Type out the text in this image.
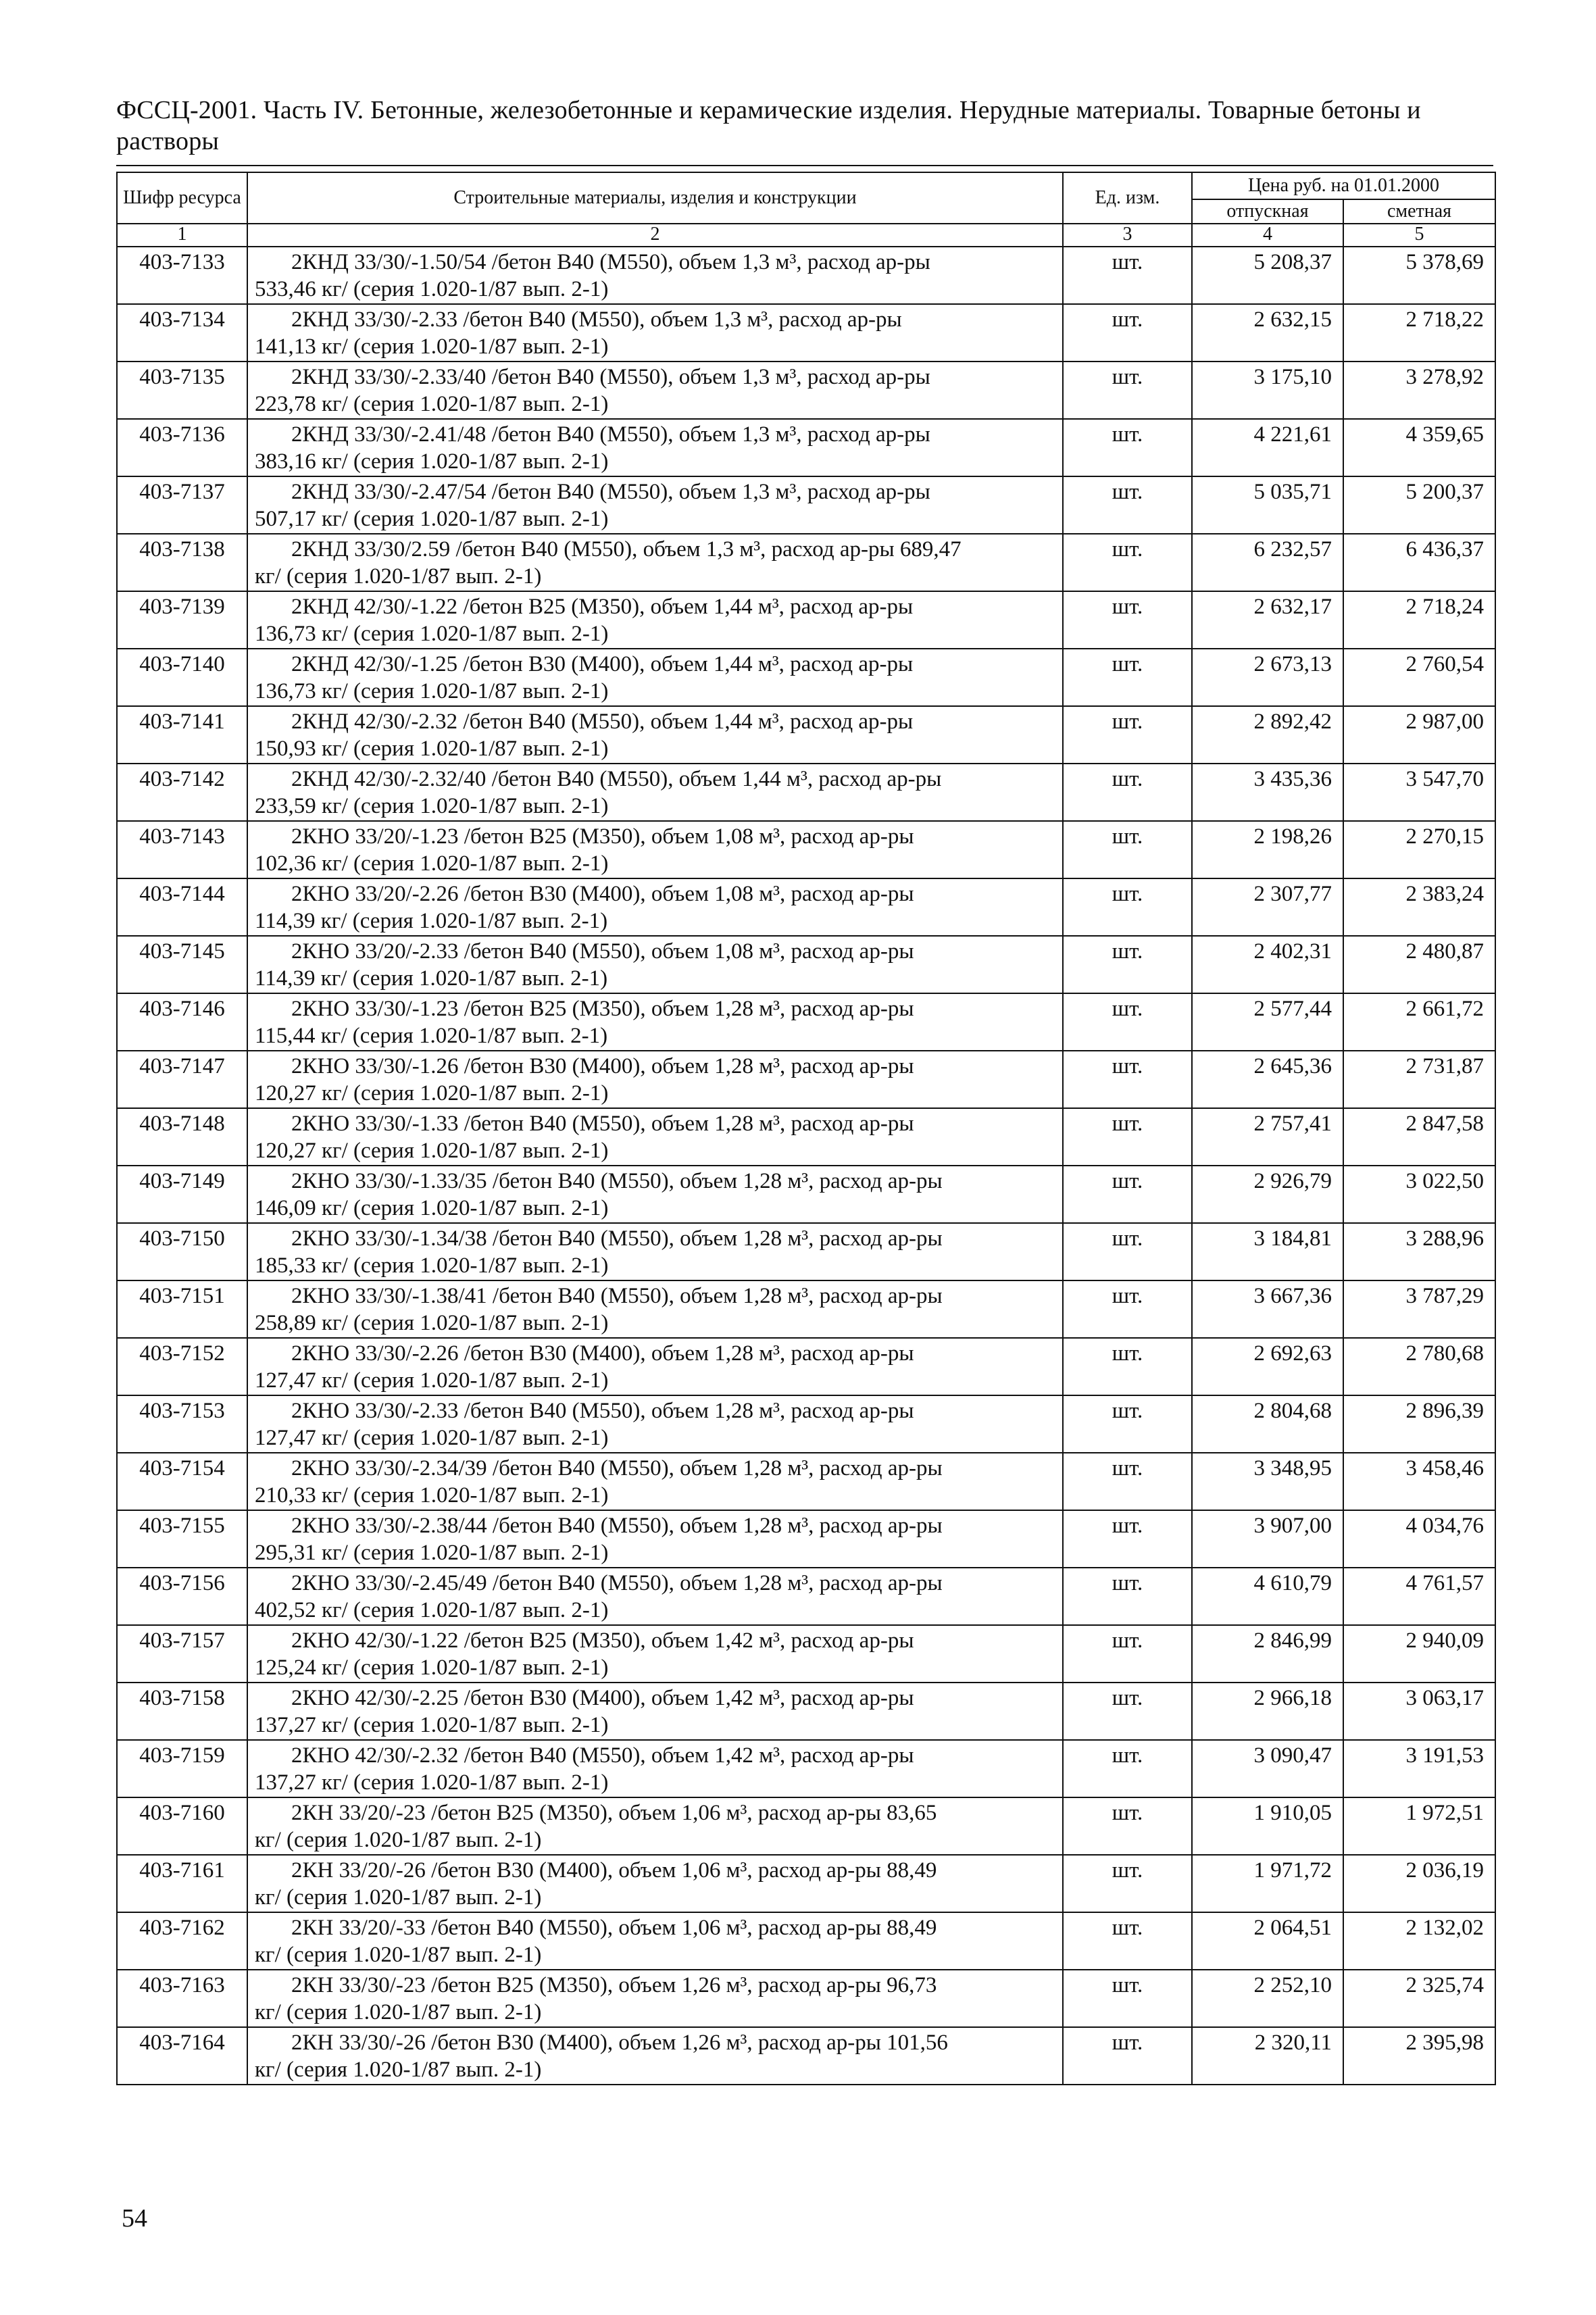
ФССЦ-2001. Часть IV. Бетонные, железобетонные и керамические изделия. Нерудные материалы. Товарные бетоны и растворы
Шифр ресурса	Строительные материалы, изделия и конструкции	Ед. изм.	Цена руб. на 01.01.2000	
			отпускная	сметная
1	2	3	4	5
403-7133	2КНД 33/30/-1.50/54 /бетон В40 (М550), объем 1,3 м³, расход ар-ры
533,46 кг/ (серия 1.020-1/87 вып. 2-1)	шт.	5 208,37	5 378,69
403-7134	2КНД 33/30/-2.33 /бетон В40 (М550), объем 1,3 м³, расход ар-ры
141,13 кг/ (серия 1.020-1/87 вып. 2-1)	шт.	2 632,15	2 718,22
403-7135	2КНД 33/30/-2.33/40 /бетон В40 (М550), объем 1,3 м³, расход ар-ры
223,78 кг/ (серия 1.020-1/87 вып. 2-1)	шт.	3 175,10	3 278,92
403-7136	2КНД 33/30/-2.41/48 /бетон В40 (М550), объем 1,3 м³, расход ар-ры
383,16 кг/ (серия 1.020-1/87 вып. 2-1)	шт.	4 221,61	4 359,65
403-7137	2КНД 33/30/-2.47/54 /бетон В40 (М550), объем 1,3 м³, расход ар-ры
507,17 кг/ (серия 1.020-1/87 вып. 2-1)	шт.	5 035,71	5 200,37
403-7138	2КНД 33/30/2.59 /бетон В40 (М550), объем 1,3 м³, расход ар-ры 689,47
кг/ (серия 1.020-1/87 вып. 2-1)	шт.	6 232,57	6 436,37
403-7139	2КНД 42/30/-1.22 /бетон В25 (М350), объем 1,44 м³, расход ар-ры
136,73 кг/ (серия 1.020-1/87 вып. 2-1)	шт.	2 632,17	2 718,24
403-7140	2КНД 42/30/-1.25 /бетон В30 (М400), объем 1,44 м³, расход ар-ры
136,73 кг/ (серия 1.020-1/87 вып. 2-1)	шт.	2 673,13	2 760,54
403-7141	2КНД 42/30/-2.32 /бетон В40 (М550), объем 1,44 м³, расход ар-ры
150,93 кг/ (серия 1.020-1/87 вып. 2-1)	шт.	2 892,42	2 987,00
403-7142	2КНД 42/30/-2.32/40 /бетон В40 (М550), объем 1,44 м³, расход ар-ры
233,59 кг/ (серия 1.020-1/87 вып. 2-1)	шт.	3 435,36	3 547,70
403-7143	2КНО 33/20/-1.23 /бетон В25 (М350), объем 1,08 м³, расход ар-ры
102,36 кг/ (серия 1.020-1/87 вып. 2-1)	шт.	2 198,26	2 270,15
403-7144	2КНО 33/20/-2.26 /бетон В30 (М400), объем 1,08 м³, расход ар-ры
114,39 кг/ (серия 1.020-1/87 вып. 2-1)	шт.	2 307,77	2 383,24
403-7145	2КНО 33/20/-2.33 /бетон В40 (М550), объем 1,08 м³, расход ар-ры
114,39 кг/ (серия 1.020-1/87 вып. 2-1)	шт.	2 402,31	2 480,87
403-7146	2КНО 33/30/-1.23 /бетон В25 (М350), объем 1,28 м³, расход ар-ры
115,44 кг/ (серия 1.020-1/87 вып. 2-1)	шт.	2 577,44	2 661,72
403-7147	2КНО 33/30/-1.26 /бетон В30 (М400), объем 1,28 м³, расход ар-ры
120,27 кг/ (серия 1.020-1/87 вып. 2-1)	шт.	2 645,36	2 731,87
403-7148	2КНО 33/30/-1.33 /бетон В40 (М550), объем 1,28 м³, расход ар-ры
120,27 кг/ (серия 1.020-1/87 вып. 2-1)	шт.	2 757,41	2 847,58
403-7149	2КНО 33/30/-1.33/35 /бетон В40 (М550), объем 1,28 м³, расход ар-ры
146,09 кг/ (серия 1.020-1/87 вып. 2-1)	шт.	2 926,79	3 022,50
403-7150	2КНО 33/30/-1.34/38 /бетон В40 (М550), объем 1,28 м³, расход ар-ры
185,33 кг/ (серия 1.020-1/87 вып. 2-1)	шт.	3 184,81	3 288,96
403-7151	2КНО 33/30/-1.38/41 /бетон В40 (М550), объем 1,28 м³, расход ар-ры
258,89 кг/ (серия 1.020-1/87 вып. 2-1)	шт.	3 667,36	3 787,29
403-7152	2КНО 33/30/-2.26 /бетон В30 (М400), объем 1,28 м³, расход ар-ры
127,47 кг/ (серия 1.020-1/87 вып. 2-1)	шт.	2 692,63	2 780,68
403-7153	2КНО 33/30/-2.33 /бетон В40 (М550), объем 1,28 м³, расход ар-ры
127,47 кг/ (серия 1.020-1/87 вып. 2-1)	шт.	2 804,68	2 896,39
403-7154	2КНО 33/30/-2.34/39 /бетон В40 (М550), объем 1,28 м³, расход ар-ры
210,33 кг/ (серия 1.020-1/87 вып. 2-1)	шт.	3 348,95	3 458,46
403-7155	2КНО 33/30/-2.38/44 /бетон В40 (М550), объем 1,28 м³, расход ар-ры
295,31 кг/ (серия 1.020-1/87 вып. 2-1)	шт.	3 907,00	4 034,76
403-7156	2КНО 33/30/-2.45/49 /бетон В40 (М550), объем 1,28 м³, расход ар-ры
402,52 кг/ (серия 1.020-1/87 вып. 2-1)	шт.	4 610,79	4 761,57
403-7157	2КНО 42/30/-1.22 /бетон В25 (М350), объем 1,42 м³, расход ар-ры
125,24 кг/ (серия 1.020-1/87 вып. 2-1)	шт.	2 846,99	2 940,09
403-7158	2КНО 42/30/-2.25 /бетон В30 (М400), объем 1,42 м³, расход ар-ры
137,27 кг/ (серия 1.020-1/87 вып. 2-1)	шт.	2 966,18	3 063,17
403-7159	2КНО 42/30/-2.32 /бетон В40 (М550), объем 1,42 м³, расход ар-ры
137,27 кг/ (серия 1.020-1/87 вып. 2-1)	шт.	3 090,47	3 191,53
403-7160	2КН 33/20/-23 /бетон В25 (М350), объем 1,06 м³, расход ар-ры 83,65
кг/ (серия 1.020-1/87 вып. 2-1)	шт.	1 910,05	1 972,51
403-7161	2КН 33/20/-26 /бетон В30 (М400), объем 1,06 м³, расход ар-ры 88,49
кг/ (серия 1.020-1/87 вып. 2-1)	шт.	1 971,72	2 036,19
403-7162	2КН 33/20/-33 /бетон В40 (М550), объем 1,06 м³, расход ар-ры 88,49
кг/ (серия 1.020-1/87 вып. 2-1)	шт.	2 064,51	2 132,02
403-7163	2КН 33/30/-23 /бетон В25 (М350), объем 1,26 м³, расход ар-ры 96,73
кг/ (серия 1.020-1/87 вып. 2-1)	шт.	2 252,10	2 325,74
403-7164	2КН 33/30/-26 /бетон В30 (М400), объем 1,26 м³, расход ар-ры 101,56
кг/ (серия 1.020-1/87 вып. 2-1)	шт.	2 320,11	2 395,98
54
